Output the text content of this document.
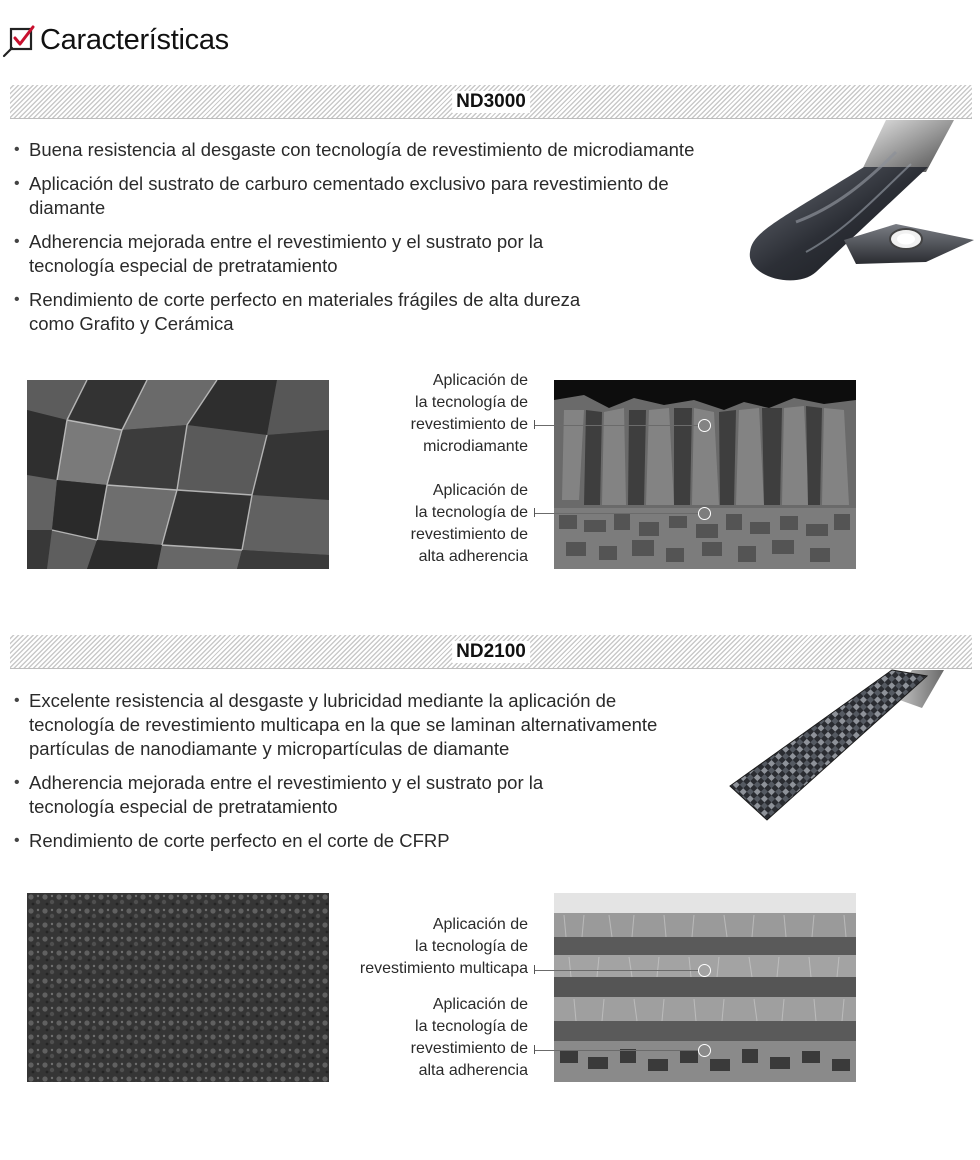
Características
ND3000
• Buena resistencia al desgaste con tecnología de revestimiento de microdiamante
• Aplicación del sustrato de carburo cementado exclusivo para revestimiento de diamante
• Adherencia mejorada entre el revestimiento y el sustrato por la tecnología especial de pretratamiento
• Rendimiento de corte perfecto en materiales frágiles de alta dureza como Grafito y Cerámica
Aplicación de
la tecnología de
revestimiento de
microdiamante
Aplicación de
la tecnología de
revestimiento de
alta adherencia
ND2100
• Excelente resistencia al desgaste y lubricidad mediante la aplicación de tecnología de revestimiento multicapa en la que se laminan alternativamente partículas de nanodiamante y micropartículas de diamante
• Adherencia mejorada entre el revestimiento y el sustrato por la tecnología especial de pretratamiento
• Rendimiento de corte perfecto en el corte de CFRP
Aplicación de
la tecnología de
revestimiento multicapa
Aplicación de
la tecnología de
revestimiento de
alta adherencia
